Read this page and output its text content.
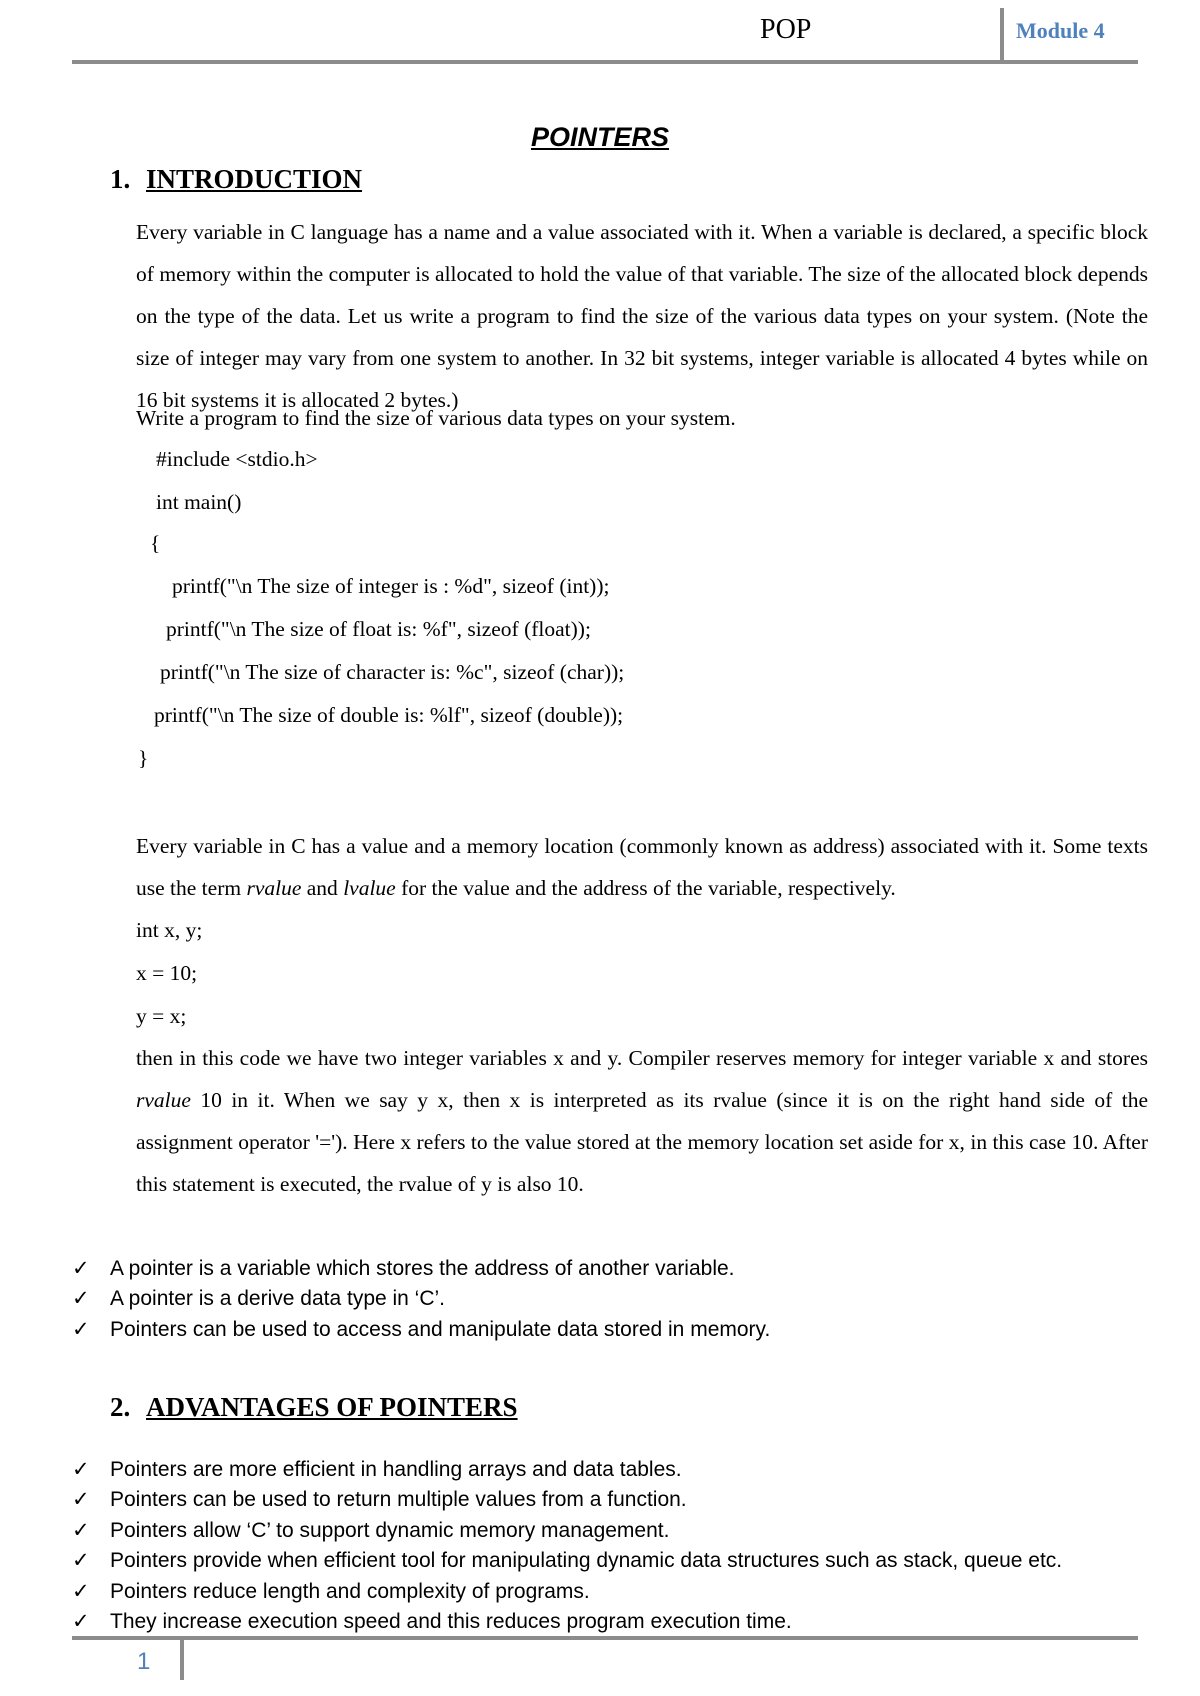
POP	Module 4
POINTERS
1. INTRODUCTION
Every variable in C language has a name and a value associated with it. When a variable is declared, a specific block of memory within the computer is allocated to hold the value of that variable. The size of the allocated block depends on the type of the data. Let us write a program to find the size of the various data types on your system. (Note the size of integer may vary from one system to another. In 32 bit systems, integer variable is allocated 4 bytes while on 16 bit systems it is allocated 2 bytes.)
Write a program to find the size of various data types on your system.
#include <stdio.h>
int main()
{
printf("\n The size of integer is : %d", sizeof (int));
printf("\n The size of float is: %f", sizeof (float));
printf("\n The size of character is: %c", sizeof (char));
printf("\n The size of double is: %lf", sizeof (double));
}
Every variable in C has a value and a memory location (commonly known as address) associated with it. Some texts use the term rvalue and lvalue for the value and the address of the variable, respectively.
int x, y;
x = 10;
y = x;
then in this code we have two integer variables x and y. Compiler reserves memory for integer variable x and stores rvalue 10 in it. When we say y x, then x is interpreted as its rvalue (since it is on the right hand side of the assignment operator '='). Here x refers to the value stored at the memory location set aside for x, in this case 10. After this statement is executed, the rvalue of y is also 10.
✓ A pointer is a variable which stores the address of another variable.
✓ A pointer is a derive data type in ‘C’.
✓ Pointers can be used to access and manipulate data stored in memory.
2. ADVANTAGES OF POINTERS
✓ Pointers are more efficient in handling arrays and data tables.
✓ Pointers can be used to return multiple values from a function.
✓ Pointers allow ‘C’ to support dynamic memory management.
✓ Pointers provide when efficient tool for manipulating dynamic data structures such as stack, queue etc.
✓ Pointers reduce length and complexity of programs.
✓ They increase execution speed and this reduces program execution time.
1
